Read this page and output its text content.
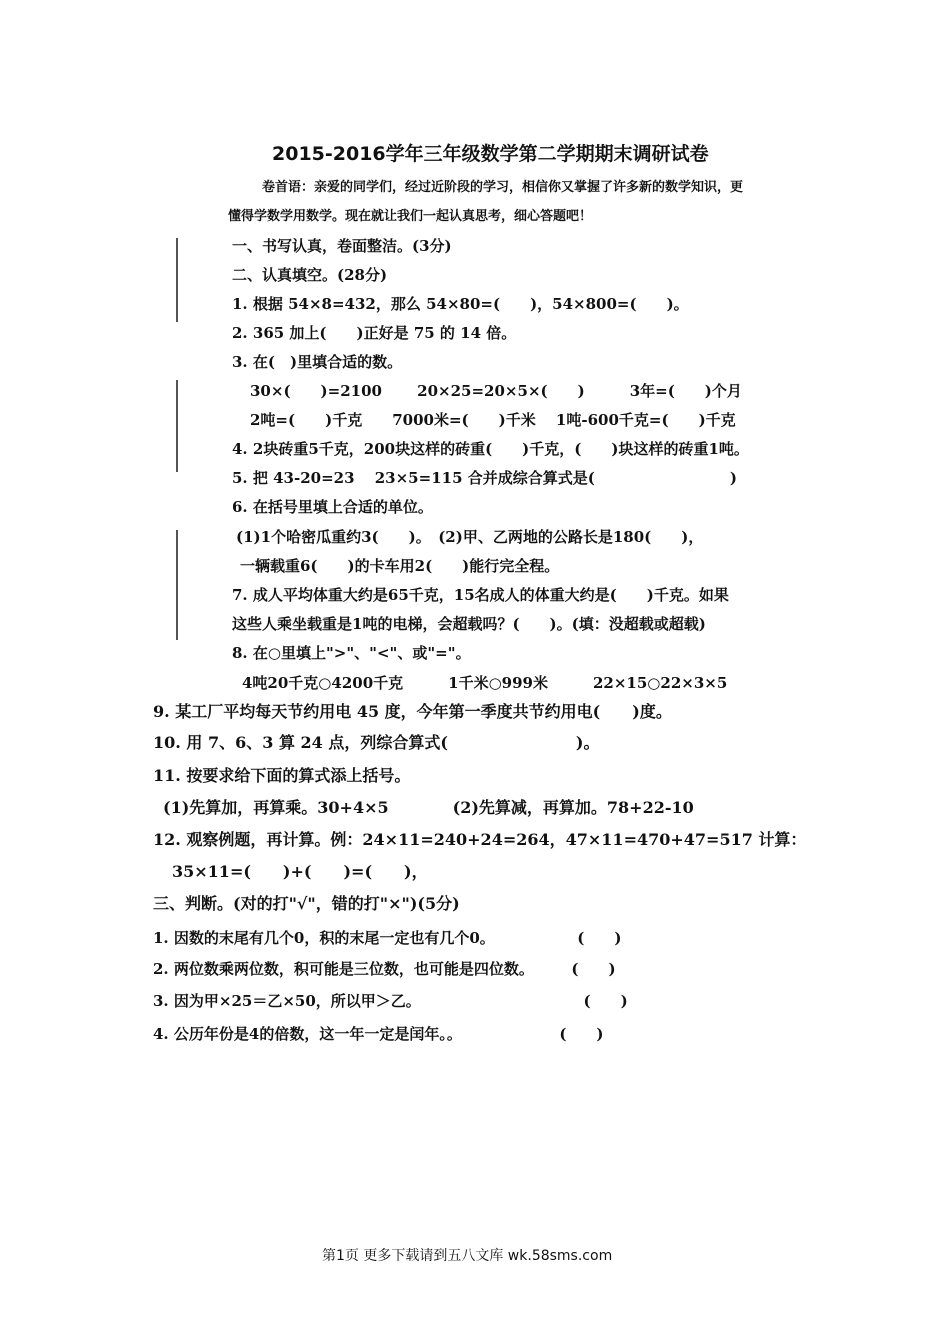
2015-2016学年三年级数学第二学期期末调研试卷
卷首语：亲爱的同学们，经过近阶段的学习，相信你又掌握了许多新的数学知识，更
懂得学数学用数学。现在就让我们一起认真思考，细心答题吧！
一、书写认真，卷面整洁。(3分)
二、认真填空。(28分)
1. 根据 54×8=432，那么 54×80=(　　)，54×800=(　　)。
2. 365 加上(　　)正好是 75 的 14 倍。
3. 在(　)里填合适的数。
30×(　　)=2100　　 20×25=20×5×(　　)　　　3年=(　　)个月
2吨=(　　)千克　　7000米=(　　)千米　 1吨-600千克=(　　)千克
4. 2块砖重5千克，200块这样的砖重(　　)千克，(　　)块这样的砖重1吨。
5. 把 43-20=23　 23×5=115 合并成综合算式是(　　　　　　　　　)
6. 在括号里填上合适的单位。
(1)1个哈密瓜重约3(　　)。　(2)甲、乙两地的公路长是180(　　)，
一辆载重6(　　)的卡车用2(　　)能行完全程。
7. 成人平均体重大约是65千克，15名成人的体重大约是(　　)千克。如果
这些人乘坐载重是1吨的电梯，会超载吗？(　　)。(填：没超载或超载)
8. 在○里填上">"、"<"、或"="。
4吨20千克○4200千克　　　1千米○999米　　　22×15○22×3×5
9. 某工厂平均每天节约用电 45 度，今年第一季度共节约用电(　　)度。
10. 用 7、6、3 算 24 点，列综合算式(　　　　　　　　)。
11. 按要求给下面的算式添上括号。
(1)先算加，再算乘。30+4×5　　　　(2)先算减，再算加。78+22-10
12. 观察例题，再计算。例：24×11=240+24=264，47×11=470+47=517 计算：
35×11=(　　)+(　　)=(　　)，
三、判断。(对的打"√"，错的打"×")(5分)
1. 因数的末尾有几个0，积的末尾一定也有几个0。　　　　　　(　　)
2. 两位数乘两位数，积可能是三位数，也可能是四位数。　　　(　　)
3. 因为甲×25＝乙×50，所以甲＞乙。　　　　　　　　　　　 (　　)
4. 公历年份是4的倍数，这一年一定是闰年。。　　　　　　　(　　)
第1页 更多下载请到五八文库 wk.58sms.com
